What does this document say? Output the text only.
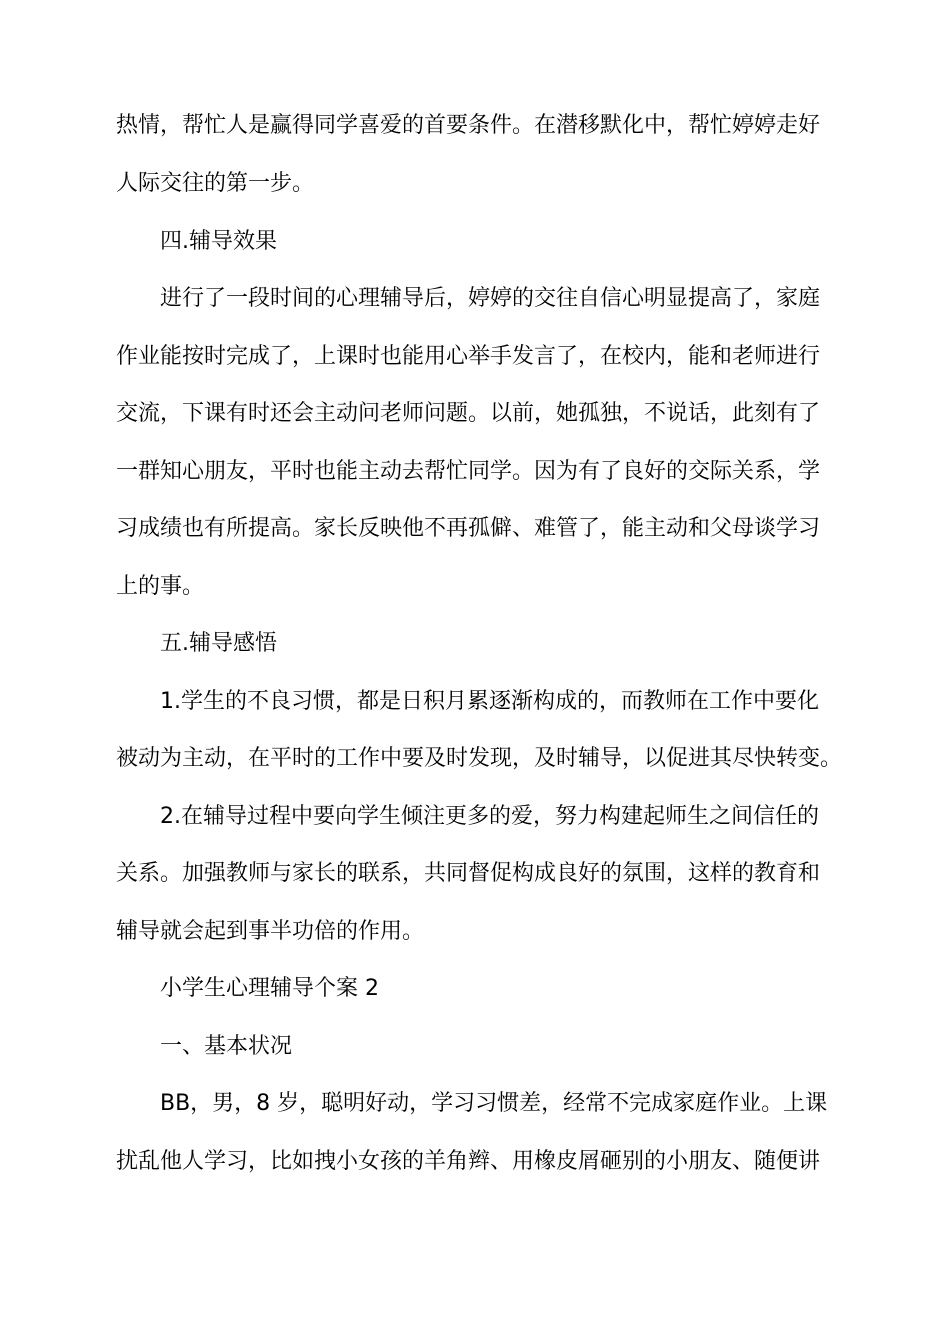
热情，帮忙人是赢得同学喜爱的首要条件。在潜移默化中，帮忙婷婷走好
人际交往的第一步。
四.辅导效果
进行了一段时间的心理辅导后，婷婷的交往自信心明显提高了，家庭
作业能按时完成了，上课时也能用心举手发言了，在校内，能和老师进行
交流，下课有时还会主动问老师问题。以前，她孤独，不说话，此刻有了
一群知心朋友，平时也能主动去帮忙同学。因为有了良好的交际关系，学
习成绩也有所提高。家长反映他不再孤僻、难管了，能主动和父母谈学习
上的事。
五.辅导感悟
1.学生的不良习惯，都是日积月累逐渐构成的，而教师在工作中要化
被动为主动，在平时的工作中要及时发现，及时辅导，以促进其尽快转变。
2.在辅导过程中要向学生倾注更多的爱，努力构建起师生之间信任的
关系。加强教师与家长的联系，共同督促构成良好的氛围，这样的教育和
辅导就会起到事半功倍的作用。
小学生心理辅导个案 2
一、基本状况
BB，男，8 岁，聪明好动，学习习惯差，经常不完成家庭作业。上课
扰乱他人学习，比如拽小女孩的羊角辫、用橡皮屑砸别的小朋友、随便讲
